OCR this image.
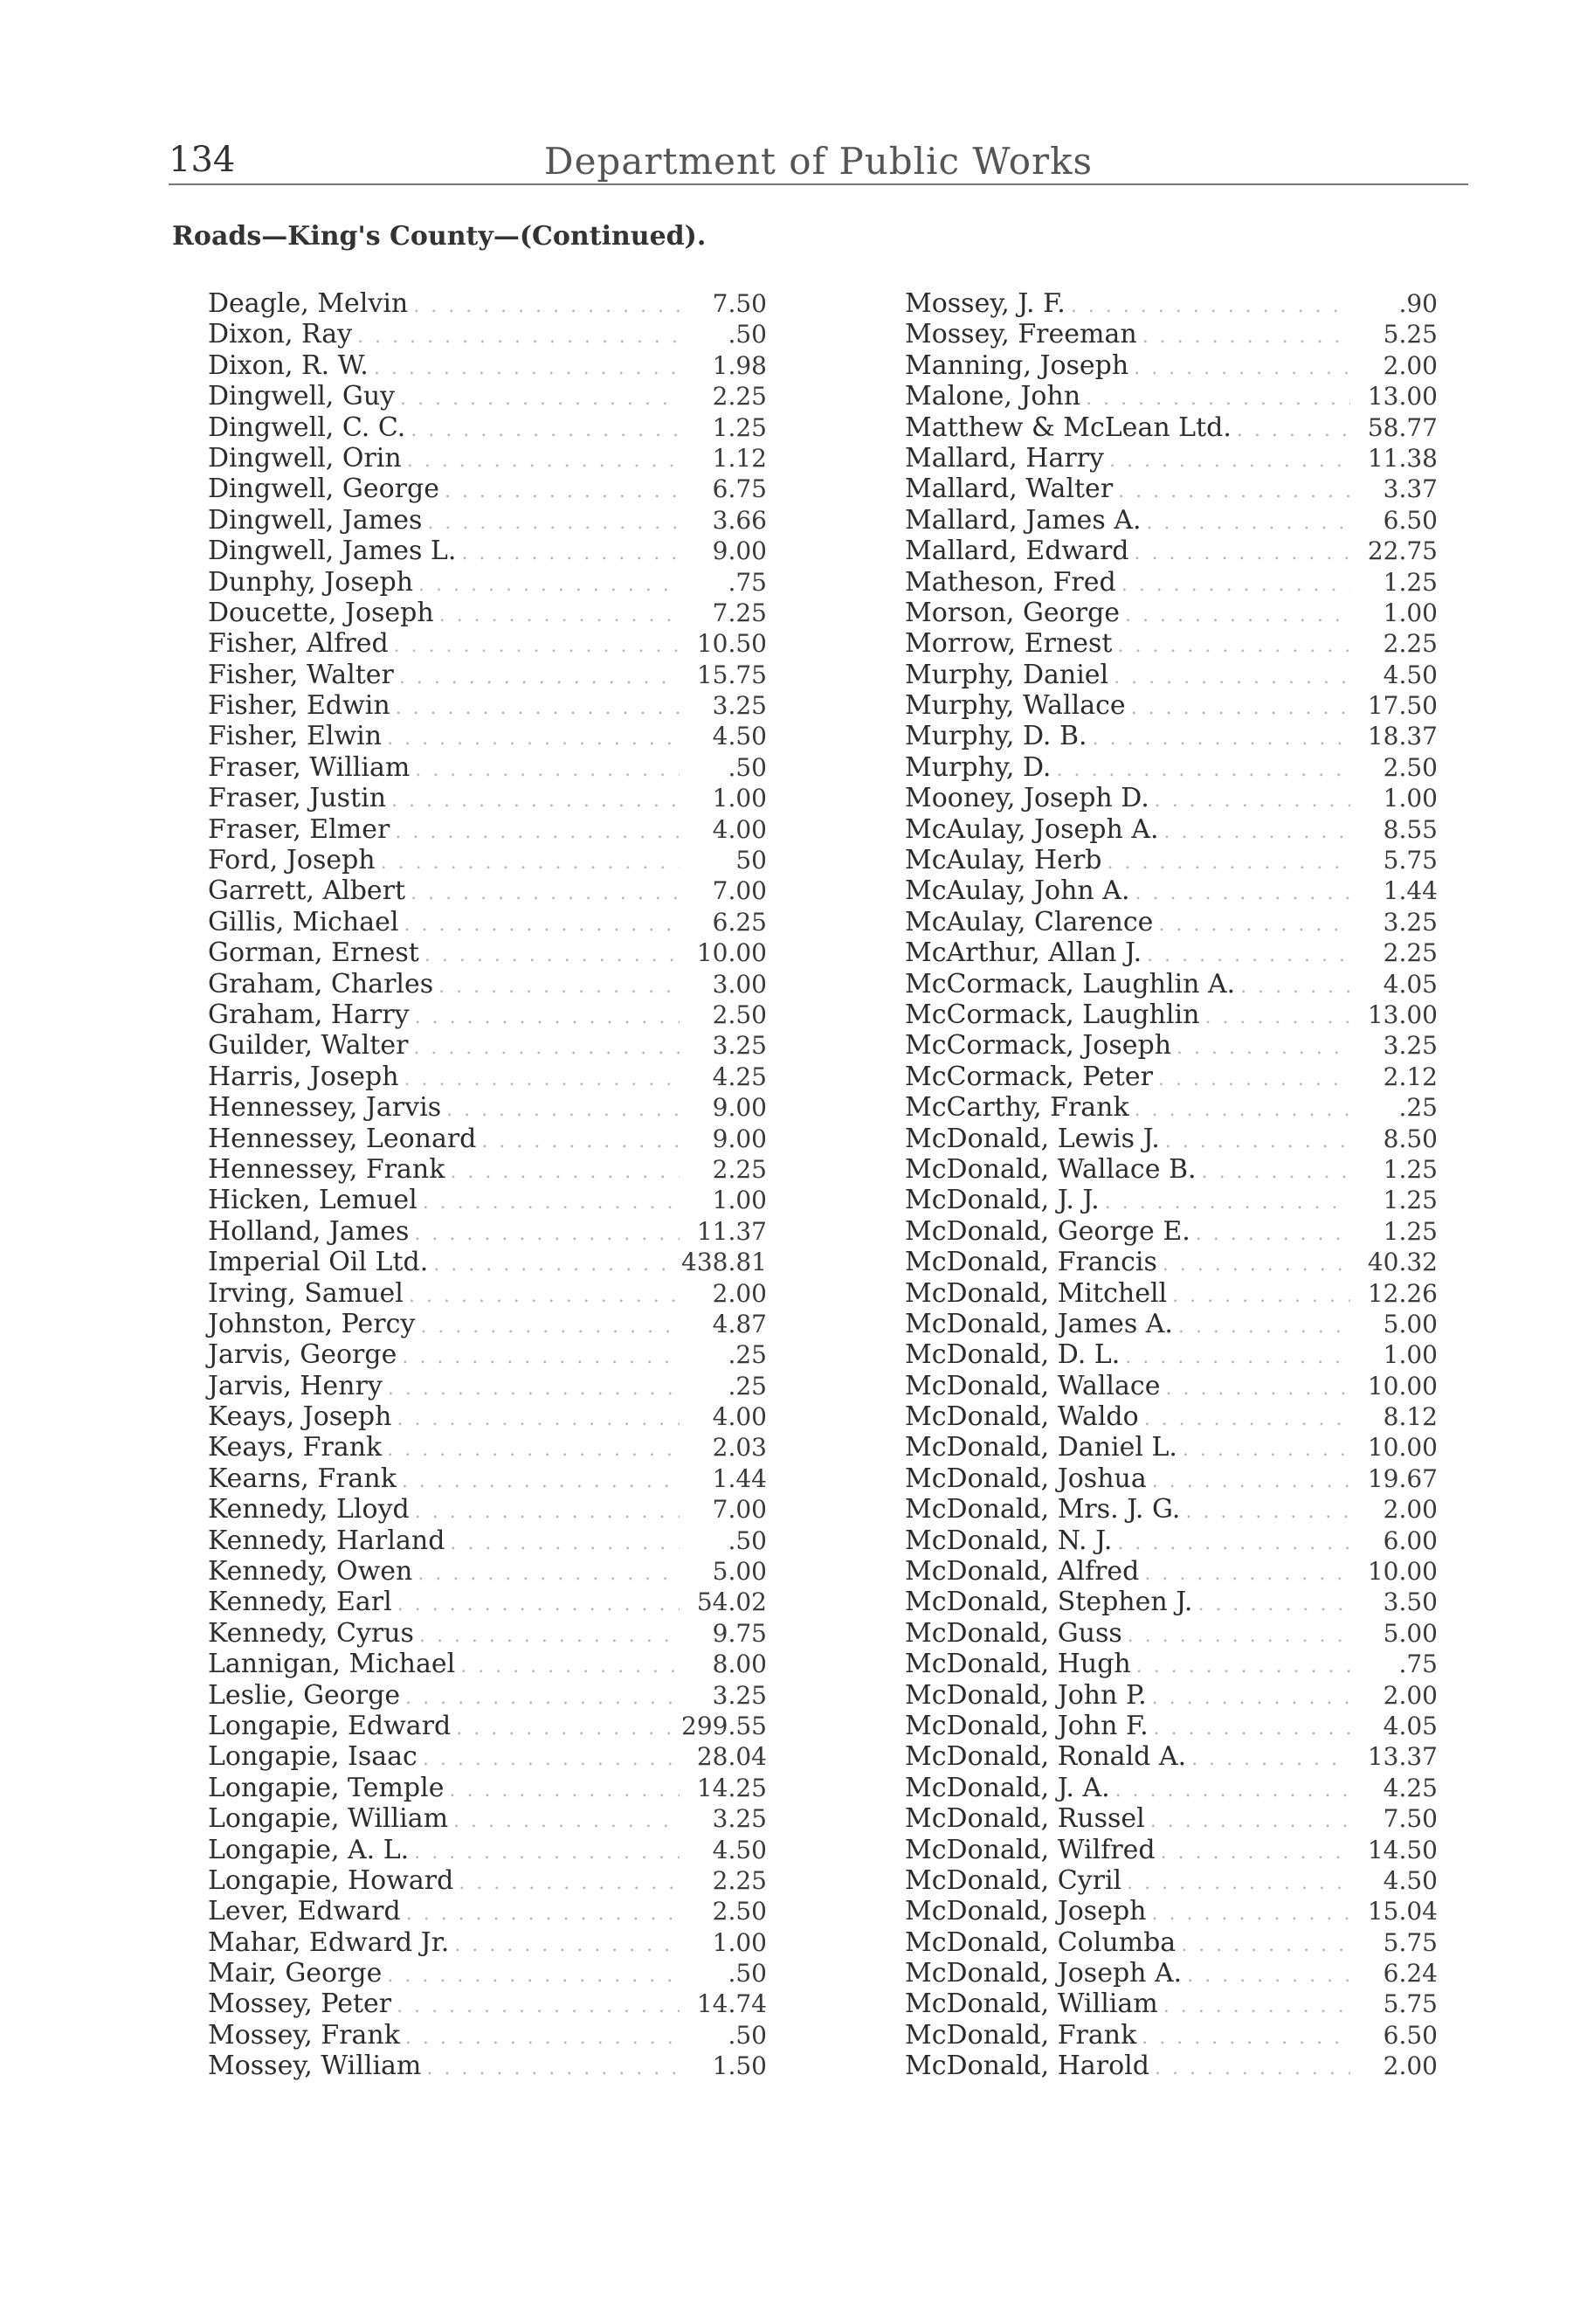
134	Department of Public Works
Roads—King's County—(Continued).
Deagle, Melvin . . .	7.50
Dixon, Ray . . .	.50
Dixon, R. W. . . .	1.98
Dingwell, Guy . . .	2.25
Dingwell, C. C. . . .	1.25
Dingwell, Orin . . .	1.12
Dingwell, George . . .	6.75
Dingwell, James . . .	3.66
Dingwell, James L. . . .	9.00
Dunphy, Joseph . . .	.75
Doucette, Joseph . . .	7.25
Fisher, Alfred . . .	10.50
Fisher, Walter . . .	15.75
Fisher, Edwin . . .	3.25
Fisher, Elwin . . .	4.50
Fraser, William . . .	.50
Fraser, Justin . . .	1.00
Fraser, Elmer . . .	4.00
Ford, Joseph . . .	50
Garrett, Albert . . .	7.00
Gillis, Michael . . .	6.25
Gorman, Ernest . . .	10.00
Graham, Charles . . .	3.00
Graham, Harry . . .	2.50
Guilder, Walter . . .	3.25
Harris, Joseph . . .	4.25
Hennessey, Jarvis . . .	9.00
Hennessey, Leonard . . .	9.00
Hennessey, Frank . . .	2.25
Hicken, Lemuel . . .	1.00
Holland, James . . .	11.37
Imperial Oil Ltd. . . .	438.81
Irving, Samuel . . .	2.00
Johnston, Percy . . .	4.87
Jarvis, George . . .	.25
Jarvis, Henry . . .	.25
Keays, Joseph . . .	4.00
Keays, Frank . . .	2.03
Kearns, Frank . . .	1.44
Kennedy, Lloyd . . .	7.00
Kennedy, Harland . . .	.50
Kennedy, Owen . . .	5.00
Kennedy, Earl . . .	54.02
Kennedy, Cyrus . . .	9.75
Lannigan, Michael . . .	8.00
Leslie, George . . .	3.25
Longapie, Edward . . .	299.55
Longapie, Isaac . . .	28.04
Longapie, Temple . . .	14.25
Longapie, William . . .	3.25
Longapie, A. L. . . .	4.50
Longapie, Howard . . .	2.25
Lever, Edward . . .	2.50
Mahar, Edward Jr. . . .	1.00
Mair, George . . .	.50
Mossey, Peter . . .	14.74
Mossey, Frank . . .	.50
Mossey, William . . .	1.50
Mossey, J. F. . . .	.90
Mossey, Freeman . . .	5.25
Manning, Joseph . . .	2.00
Malone, John . . .	13.00
Matthew & McLean Ltd. . . .	58.77
Mallard, Harry . . .	11.38
Mallard, Walter . . .	3.37
Mallard, James A. . . .	6.50
Mallard, Edward . . .	22.75
Matheson, Fred . . .	1.25
Morson, George . . .	1.00
Morrow, Ernest . . .	2.25
Murphy, Daniel . . .	4.50
Murphy, Wallace . . .	17.50
Murphy, D. B. . . .	18.37
Murphy, D. . . .	2.50
Mooney, Joseph D. . . .	1.00
McAulay, Joseph A. . . .	8.55
McAulay, Herb . . .	5.75
McAulay, John A. . . .	1.44
McAulay, Clarence . . .	3.25
McArthur, Allan J. . . .	2.25
McCormack, Laughlin A. . . .	4.05
McCormack, Laughlin . . .	13.00
McCormack, Joseph . . .	3.25
McCormack, Peter . . .	2.12
McCarthy, Frank . . .	.25
McDonald, Lewis J. . . .	8.50
McDonald, Wallace B. . . .	1.25
McDonald, J. J. . . .	1.25
McDonald, George E. . . .	1.25
McDonald, Francis . . .	40.32
McDonald, Mitchell . . .	12.26
McDonald, James A. . . .	5.00
McDonald, D. L. . . .	1.00
McDonald, Wallace . . .	10.00
McDonald, Waldo . . .	8.12
McDonald, Daniel L. . . .	10.00
McDonald, Joshua . . .	19.67
McDonald, Mrs. J. G. . . .	2.00
McDonald, N. J. . . .	6.00
McDonald, Alfred . . .	10.00
McDonald, Stephen J. . . .	3.50
McDonald, Guss . . .	5.00
McDonald, Hugh . . .	.75
McDonald, John P. . . .	2.00
McDonald, John F. . . .	4.05
McDonald, Ronald A. . . .	13.37
McDonald, J. A. . . .	4.25
McDonald, Russel . . .	7.50
McDonald, Wilfred . . .	14.50
McDonald, Cyril . . .	4.50
McDonald, Joseph . . .	15.04
McDonald, Columba . . .	5.75
McDonald, Joseph A. . . .	6.24
McDonald, William . . .	5.75
McDonald, Frank . . .	6.50
McDonald, Harold . . .	2.00
